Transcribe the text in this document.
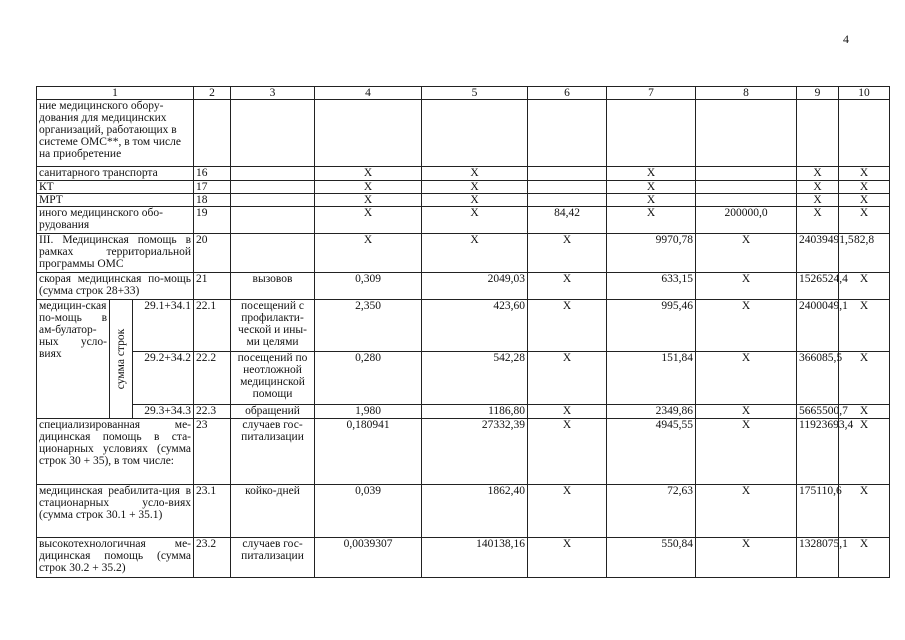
4
1			2	3	4	5	6	7	8	9	10
ние медицинского обору-дования для медицинских организаций, работающих в системе ОМС**, в том числе на приобретение											
санитарного транспорта			16		X	X		X		X	X
КТ			17		X	X		X		X	X
МРТ			18		X	X		X		X	X
иного медицинского обо-рудования			19		X	X	84,42	X	200000,0	X	X
III. Медицинская помощь в рамках территориальной программы ОМС			20		X	X	X	9970,78	X	24039491,5	82,8
скорая медицинская по-мощь (сумма строк 28+33)			21	вызовов	0,309	2049,03	X	633,15	X	1526524,4	X
медицин-ская по-мощь в ам-булатор-ных усло-виях	сумма строк	29.1+34.1	22.1	посещений с профилакти-ческой и ины-ми целями	2,350	423,60	X	995,46	X	2400049,1	X
		29.2+34.2	22.2	посещений по неотложной медицинской помощи	0,280	542,28	X	151,84	X	366085,5	X
		29.3+34.3	22.3	обращений	1,980	1186,80	X	2349,86	X	5665500,7	X
специализированная ме-дицинская помощь в ста-ционарных условиях (сумма строк 30 + 35), в том числе:			23	случаев гос-питализации	0,180941	27332,39	X	4945,55	X	11923693,4	X
медицинская реабилита-ция в стационарных усло-виях (сумма строк 30.1 + 35.1)			23.1	койко-дней	0,039	1862,40	X	72,63	X	175110,6	X
высокотехнологичная ме-дицинская помощь (сумма строк 30.2 + 35.2)			23.2	случаев гос-питализации	0,0039307	140138,16	X	550,84	X	1328075,1	X
